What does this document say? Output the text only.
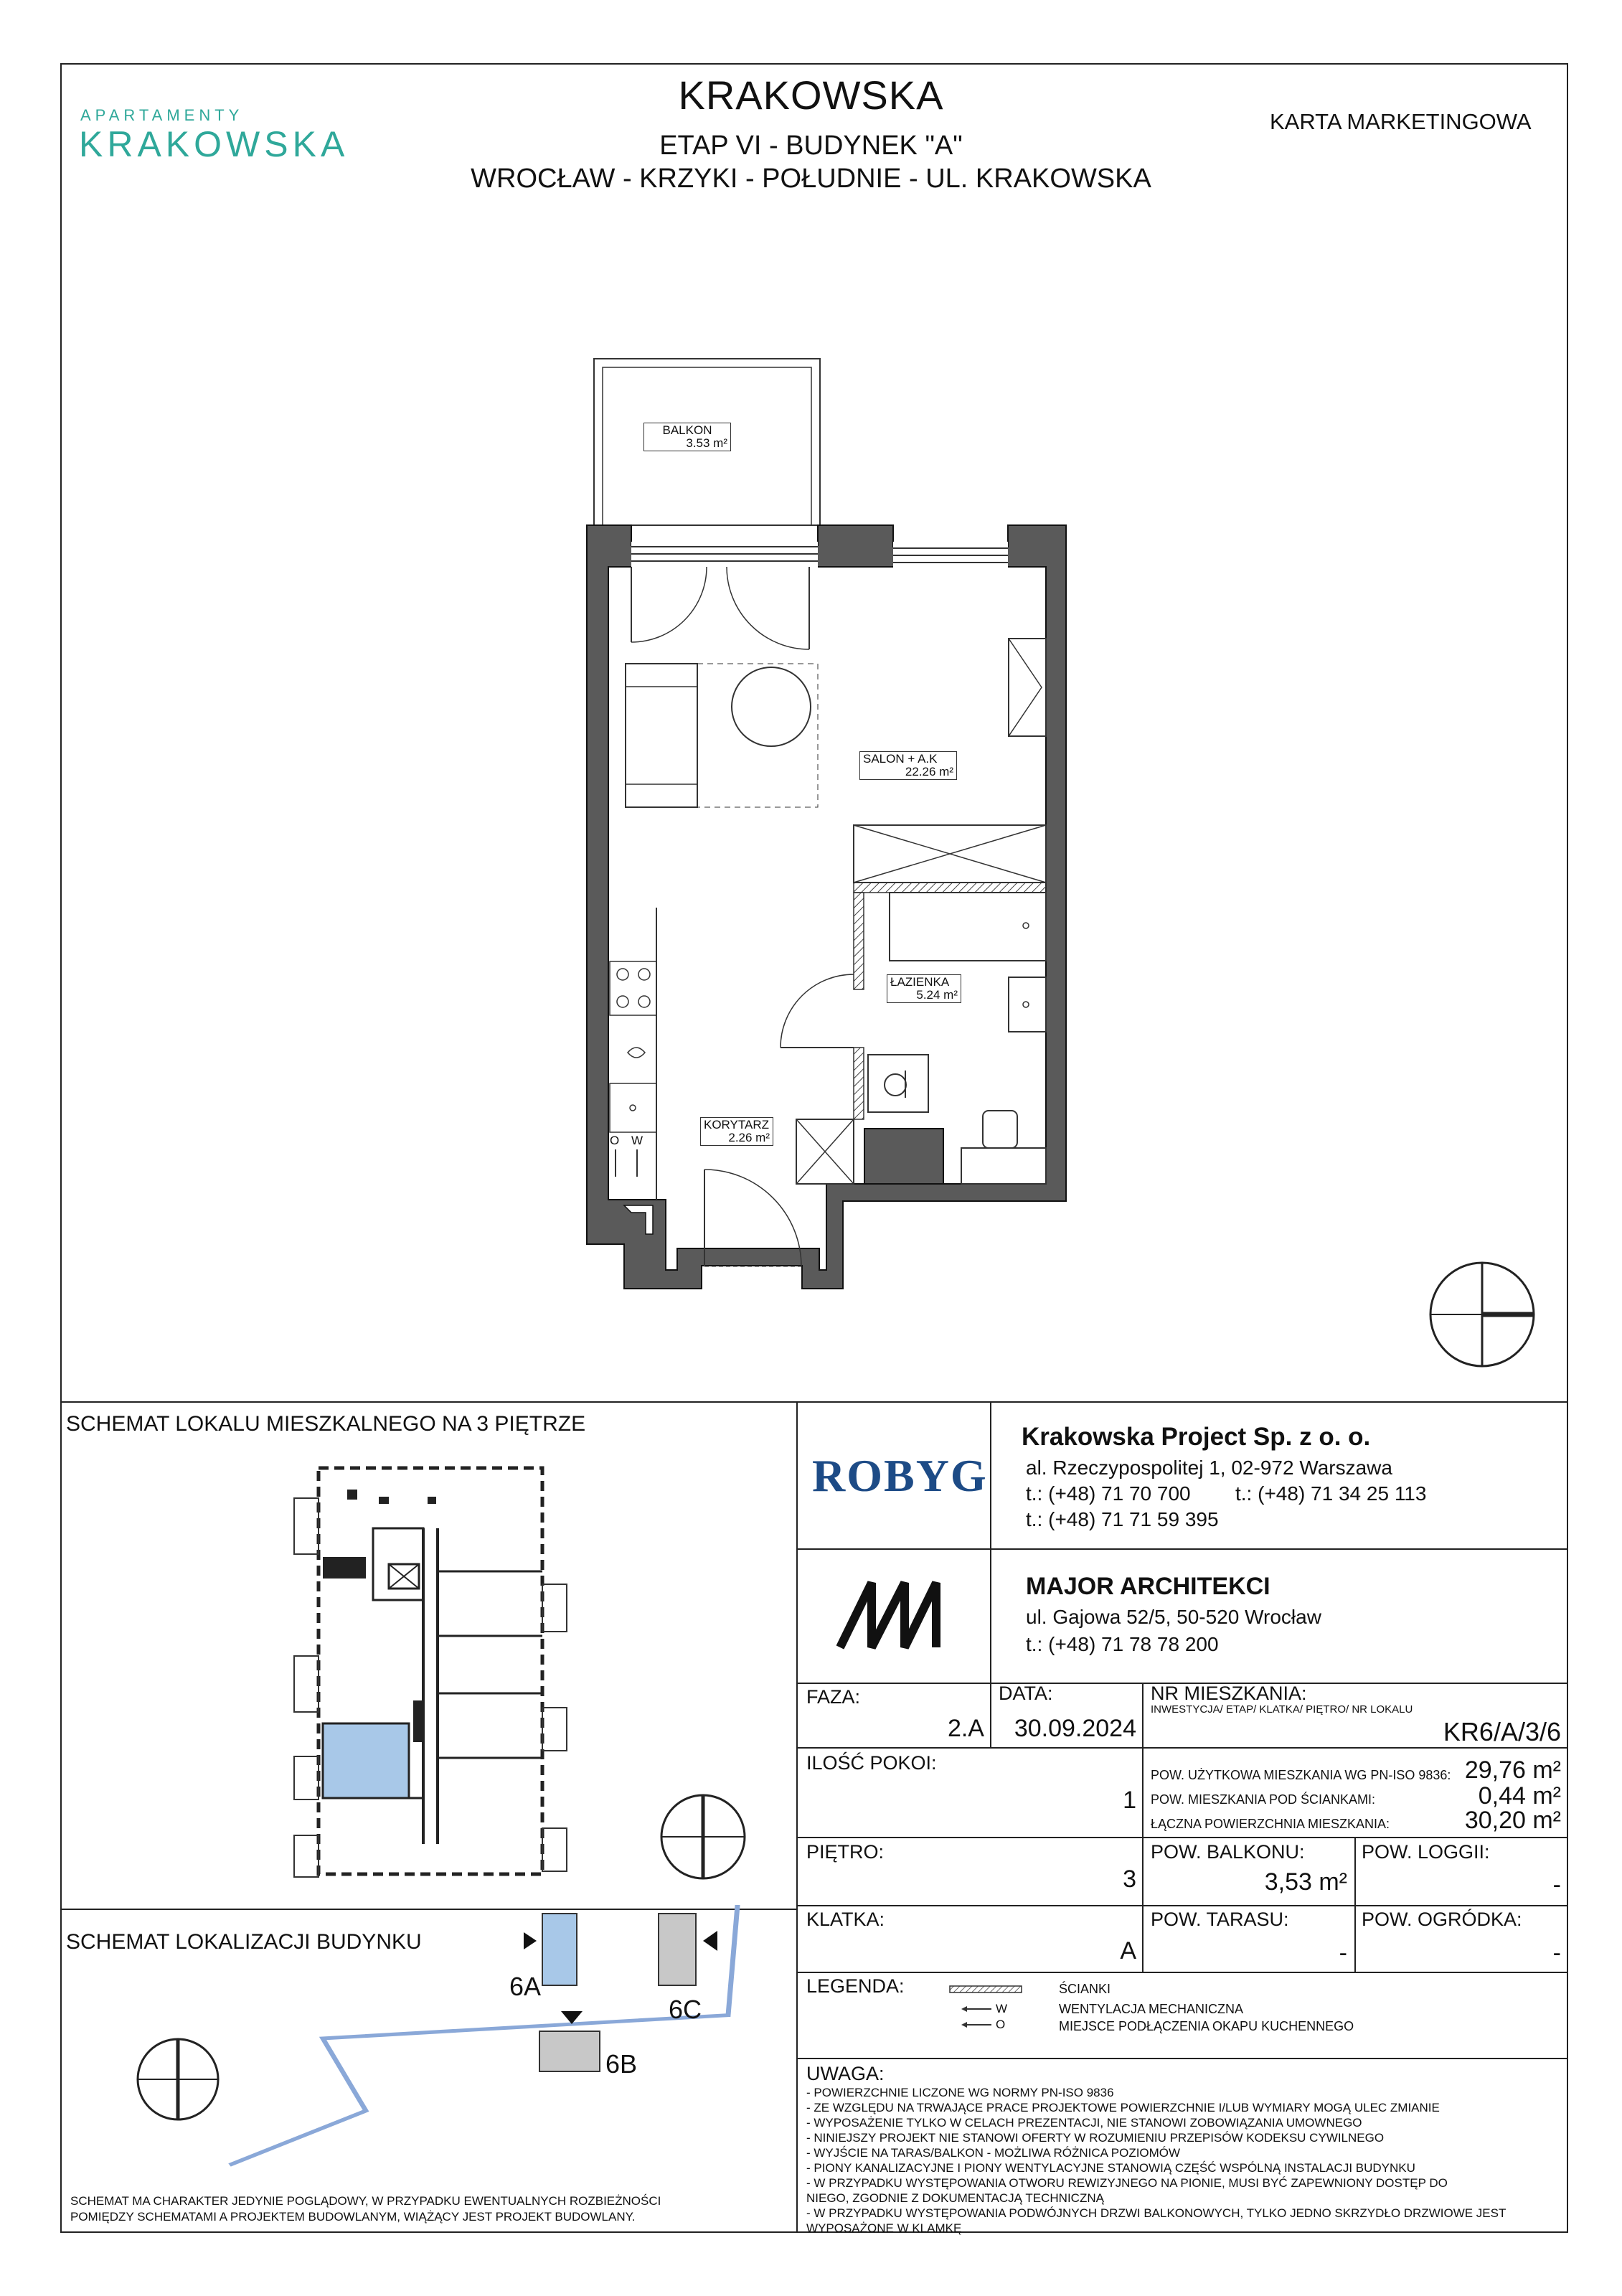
APARTAMENTY
KRAKOWSKA
KRAKOWSKA
ETAP VI - BUDYNEK "A"
WROCŁAW - KRZYKI - POŁUDNIE - UL. KRAKOWSKA
KARTA MARKETINGOWA
BALKON
3.53 m²
SALON + A.K
22.26 m²
ŁAZIENKA
5.24 m²
KORYTARZ
2.26 m²
O W
SCHEMAT LOKALU MIESZKALNEGO NA 3 PIĘTRZE
SCHEMAT LOKALIZACJI BUDYNKU
6A
6B
6C
SCHEMAT MA CHARAKTER JEDYNIE POGLĄDOWY, W PRZYPADKU EWENTUALNYCH ROZBIEŻNOŚCI
POMIĘDZY SCHEMATAMI A PROJEKTEM BUDOWLANYM, WIĄŻĄCY JEST PROJEKT BUDOWLANY.
ROBYG
Krakowska Project Sp. z o. o.
al. Rzeczypospolitej 1, 02-972 Warszawa
t.: (+48) 71 70 700 t.: (+48) 71 34 25 113
t.: (+48) 71 71 59 395
MAJOR ARCHITEKCI
ul. Gajowa 52/5, 50-520 Wrocław
t.: (+48) 71 78 78 200
FAZA:
2.A
DATA:
30.09.2024
NR MIESZKANIA:
INWESTYCJA/ ETAP/ KLATKA/ PIĘTRO/ NR LOKALU
KR6/A/3/6
ILOŚĆ POKOI:
1
POW. UŻYTKOWA MIESZKANIA WG PN-ISO 9836: 29,76 m²
POW. MIESZKANIA POD ŚCIANKAMI:	0,44 m²
ŁĄCZNA POWIERZCHNIA MIESZKANIA:	30,20 m²
PIĘTRO:
3
POW. BALKONU:
3,53 m²
POW. LOGGII:
-
KLATKA:
A
POW. TARASU:
-
POW. OGRÓDKA:
-
LEGENDA:
W
O
ŚCIANKI
WENTYLACJA MECHANICZNA
MIEJSCE PODŁĄCZENIA OKAPU KUCHENNEGO
UWAGA:
- POWIERZCHNIE LICZONE WG NORMY PN-ISO 9836
- ZE WZGLĘDU NA TRWAJĄCE PRACE PROJEKTOWE POWIERZCHNIE I/LUB WYMIARY MOGĄ ULEC ZMIANIE
- WYPOSAŻENIE TYLKO W CELACH PREZENTACJI, NIE STANOWI ZOBOWIĄZANIA UMOWNEGO
- NINIEJSZY PROJEKT NIE STANOWI OFERTY W ROZUMIENIU PRZEPISÓW KODEKSU CYWILNEGO
- WYJŚCIE NA TARAS/BALKON - MOŻLIWA RÓŻNICA POZIOMÓW
- PIONY KANALIZACYJNE I PIONY WENTYLACYJNE STANOWIĄ CZĘŚĆ WSPÓLNĄ INSTALACJI BUDYNKU
- W PRZYPADKU WYSTĘPOWANIA OTWORU REWIZYJNEGO NA PIONIE, MUSI BYĆ ZAPEWNIONY DOSTĘP DO
NIEGO, ZGODNIE Z DOKUMENTACJĄ TECHNICZNĄ
- W PRZYPADKU WYSTĘPOWANIA PODWÓJNYCH DRZWI BALKONOWYCH, TYLKO JEDNO SKRZYDŁO DRZWIOWE JEST
WYPOSAŻONE W KLAMKĘ
